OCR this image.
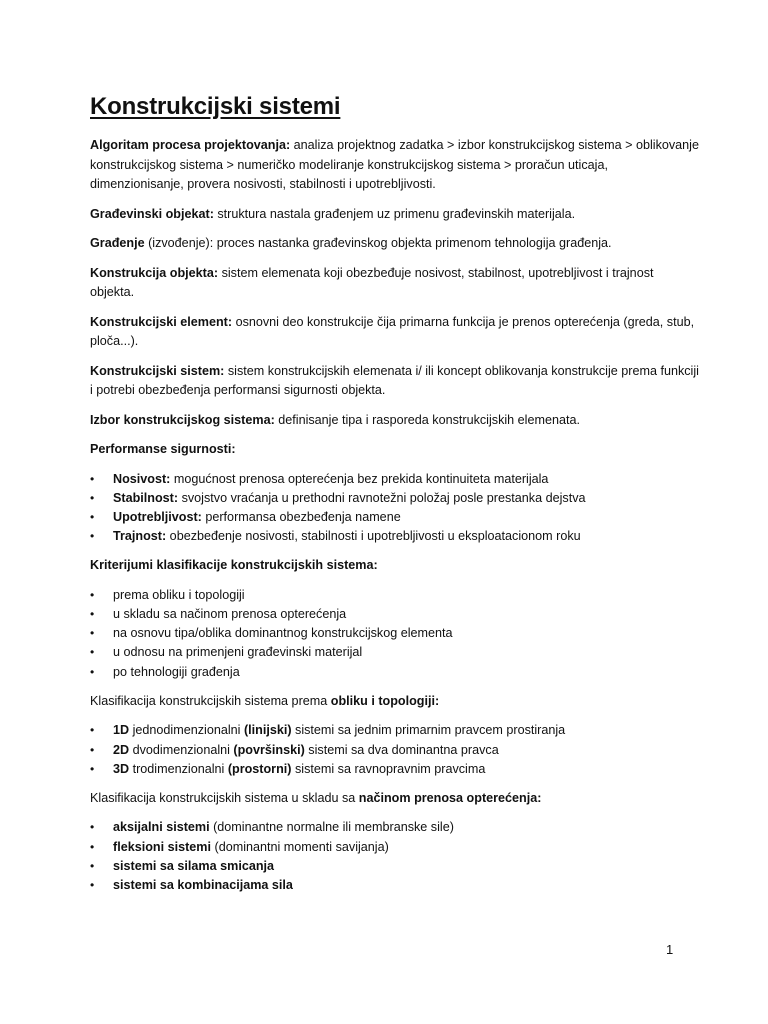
Konstrukcijski sistemi

Algoritam procesa projektovanja: analiza projektnog zadatka > izbor konstrukcijskog sistema > oblikovanje konstrukcijskog sistema > numeričko modeliranje konstrukcijskog sistema > proračun uticaja, dimenzionisanje, provera nosivosti, stabilnosti i upotrebljivosti.

Građevinski objekat: struktura nastala građenjem uz primenu građevinskih materijala.

Građenje (izvođenje): proces nastanka građevinskog objekta primenom tehnologija građenja.

Konstrukcija objekta: sistem elemenata koji obezbeđuje nosivost, stabilnost, upotrebljivost i trajnost objekta.

Konstrukcijski element: osnovni deo konstrukcije čija primarna funkcija je prenos opterećenja (greda, stub, ploča...).

Konstrukcijski sistem: sistem konstrukcijskih elemenata i/ ili koncept oblikovanja konstrukcije prema funkciji i potrebi obezbeđenja performansi sigurnosti objekta.

Izbor konstrukcijskog sistema: definisanje tipa i rasporeda konstrukcijskih elemenata.

Performanse sigurnosti:

• Nosivost: mogućnost prenosa opterećenja bez prekida kontinuiteta materijala
• Stabilnost: svojstvo vraćanja u prethodni ravnotežni položaj posle prestanka dejstva
• Upotrebljivost: performansa obezbeđenja namene
• Trajnost: obezbeđenje nosivosti, stabilnosti i upotrebljivosti u eksploatacionom roku

Kriterijumi klasifikacije konstrukcijskih sistema:

• prema obliku i topologiji
• u skladu sa načinom prenosa opterećenja
• na osnovu tipa/oblika dominantnog konstrukcijskog elementa
• u odnosu na primenjeni građevinski materijal
• po tehnologiji građenja

Klasifikacija konstrukcijskih sistema prema obliku i topologiji:

• 1D jednodimenzionalni (linijski) sistemi sa jednim primarnim pravcem prostiranja
• 2D dvodimenzionalni (površinski) sistemi sa dva dominantna pravca
• 3D trodimenzionalni (prostorni) sistemi sa ravnopravnim pravcima

Klasifikacija konstrukcijskih sistema u skladu sa načinom prenosa opterećenja:

• aksijalni sistemi (dominantne normalne ili membranske sile)
• fleksioni sistemi (dominantni momenti savijanja)
• sistemi sa silama smicanja
• sistemi sa kombinacijama sila
1
